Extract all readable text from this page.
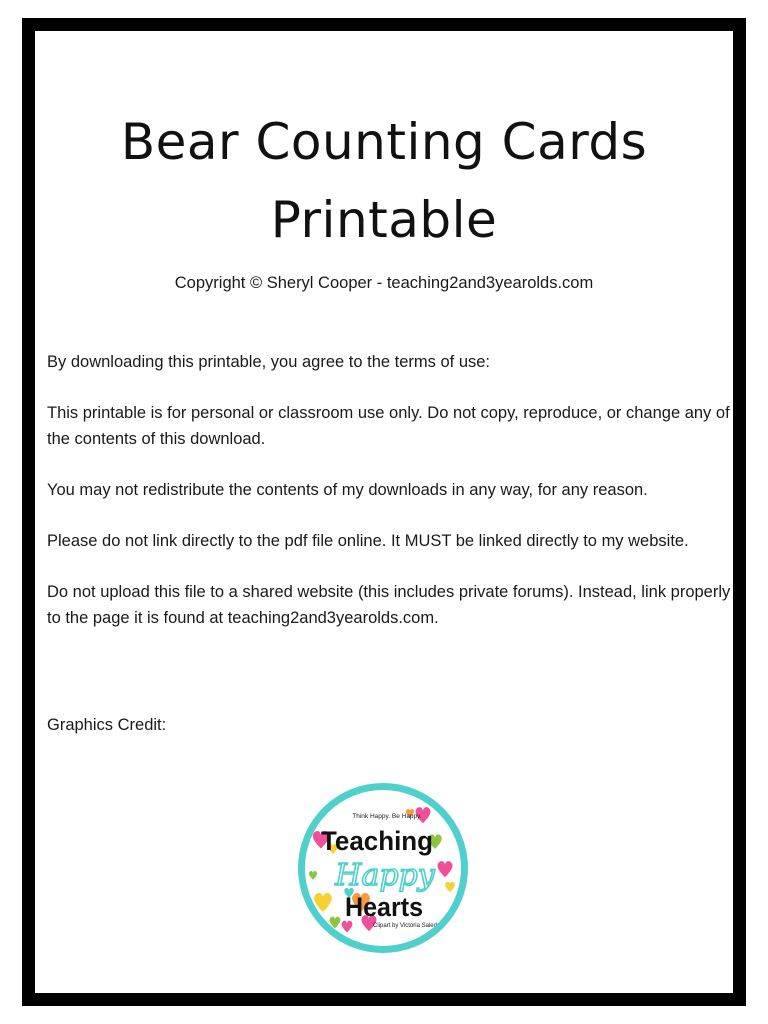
Bear Counting Cards
Printable
Copyright © Sheryl Cooper - teaching2and3yearolds.com

By downloading this printable, you agree to the terms of use:

This printable is for personal or classroom use only. Do not copy, reproduce, or change any of the contents of this download.

You may not redistribute the contents of my downloads in any way, for any reason.

Please do not link directly to the pdf file online. It MUST be linked directly to my website.

Do not upload this file to a shared website (this includes private forums). Instead, link properly to the page it is found at teaching2and3yearolds.com.

Graphics Credit:

Think Happy. Be Happy.
Teaching
Happy
Hearts
Clipart by Victoria Saled
